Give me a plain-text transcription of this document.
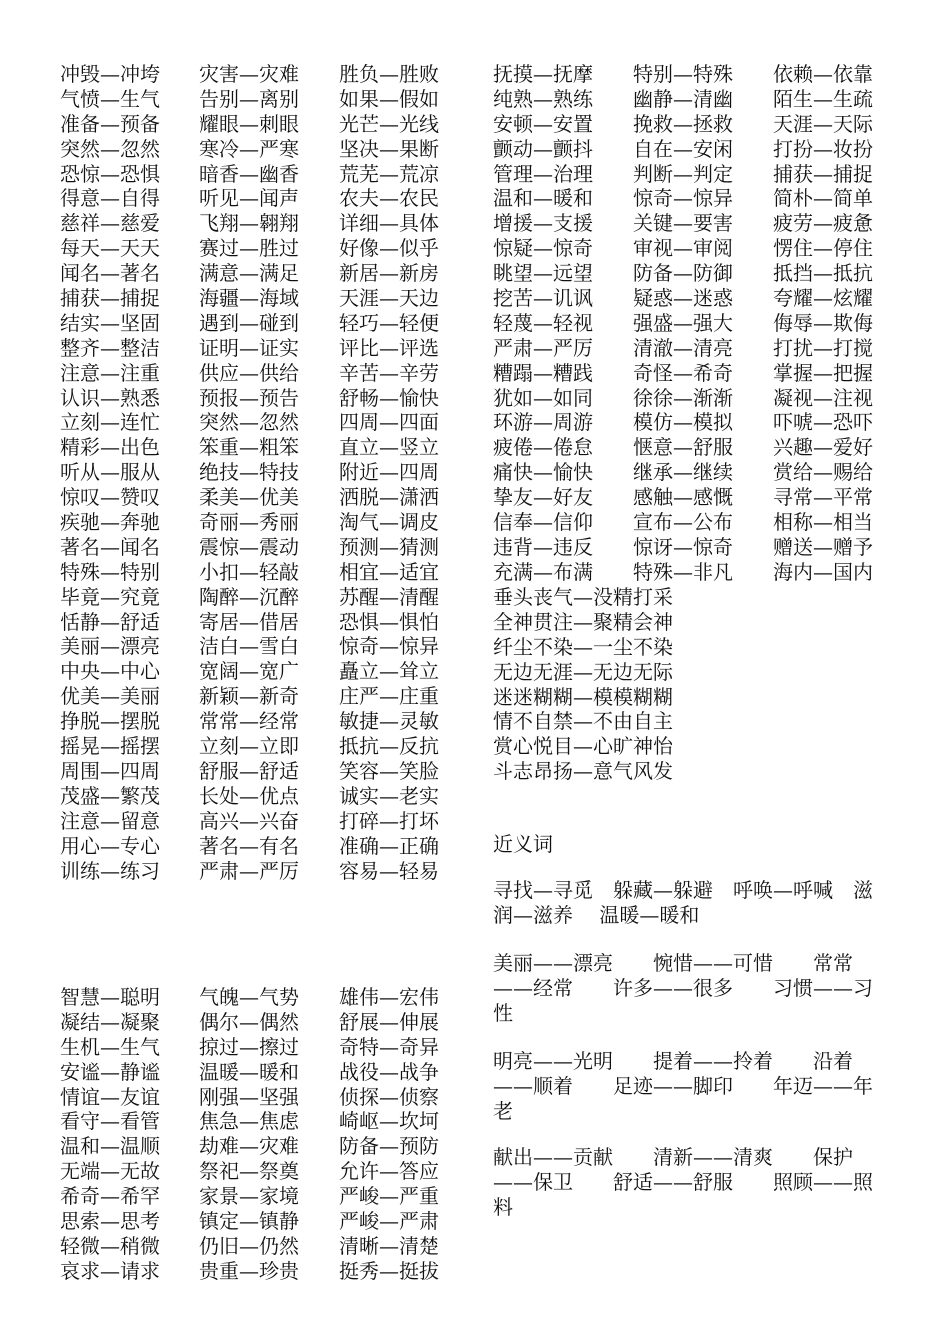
冲毁—冲垮
气愤—生气
准备—预备
突然—忽然
恐惊—恐惧
得意—自得
慈祥—慈爱
每天—天天
闻名—著名
捕获—捕捉
结实—坚固
整齐—整洁
注意—注重
认识—熟悉
立刻—连忙
精彩—出色
听从—服从
惊叹—赞叹
疾驰—奔驰
著名—闻名
特殊—特别
毕竟—究竟
恬静—舒适
美丽—漂亮
中央—中心
优美—美丽
挣脱—摆脱
摇晃—摇摆
周围—四周
茂盛—繁茂
注意—留意
用心—专心
训练—练习
灾害—灾难
告别—离别
耀眼—刺眼
寒冷—严寒
暗香—幽香
听见—闻声
飞翔—翱翔
赛过—胜过
满意—满足
海疆—海域
遇到—碰到
证明—证实
供应—供给
预报—预告
突然—忽然
笨重—粗笨
绝技—特技
柔美—优美
奇丽—秀丽
震惊—震动
小扣—轻敲
陶醉—沉醉
寄居—借居
洁白—雪白
宽阔—宽广
新颖—新奇
常常—经常
立刻—立即
舒服—舒适
长处—优点
高兴—兴奋
著名—有名
严肃—严厉
胜负—胜败
如果—假如
光芒—光线
坚决—果断
荒芜—荒凉
农夫—农民
详细—具体
好像—似乎
新居—新房
天涯—天边
轻巧—轻便
评比—评选
辛苦—辛劳
舒畅—愉快
四周—四面
直立—竖立
附近—四周
洒脱—潇洒
淘气—调皮
预测—猜测
相宜—适宜
苏醒—清醒
恐惧—惧怕
惊奇—惊异
矗立—耸立
庄严—庄重
敏捷—灵敏
抵抗—反抗
笑容—笑脸
诚实—老实
打碎—打坏
准确—正确
容易—轻易
抚摸—抚摩
纯熟—熟练
安顿—安置
颤动—颤抖
管理—治理
温和—暖和
增援—支援
惊疑—惊奇
眺望—远望
挖苦—讥讽
轻蔑—轻视
严肃—严厉
糟蹋—糟践
犹如—如同
环游—周游
疲倦—倦怠
痛快—愉快
挚友—好友
信奉—信仰
违背—违反
充满—布满
特别—特殊
幽静—清幽
挽救—拯救
自在—安闲
判断—判定
惊奇—惊异
关键—要害
审视—审阅
防备—防御
疑惑—迷惑
强盛—强大
清澈—清亮
奇怪—希奇
徐徐—渐渐
模仿—模拟
惬意—舒服
继承—继续
感触—感慨
宣布—公布
惊讶—惊奇
特殊—非凡
依赖—依靠
陌生—生疏
天涯—天际
打扮—妆扮
捕获—捕捉
简朴—简单
疲劳—疲惫
愣住—停住
抵挡—抵抗
夸耀—炫耀
侮辱—欺侮
打扰—打搅
掌握—把握
凝视—注视
吓唬—恐吓
兴趣—爱好
赏给—赐给
寻常—平常
相称—相当
赠送—赠予
海内—国内
垂头丧气—没精打采
全神贯注—聚精会神
纤尘不染—一尘不染
无边无涯—无边无际
迷迷糊糊—模模糊糊
情不自禁—不由自主
赏心悦目—心旷神怡
斗志昂扬—意气风发
智慧—聪明
凝结—凝聚
生机—生气
安谧—静谧
情谊—友谊
看守—看管
温和—温顺
无端—无故
希奇—希罕
思索—思考
轻微—稍微
哀求—请求
气魄—气势
偶尔—偶然
掠过—擦过
温暖—暖和
刚强—坚强
焦急—焦虑
劫难—灾难
祭祀—祭奠
家景—家境
镇定—镇静
仍旧—仍然
贵重—珍贵
雄伟—宏伟
舒展—伸展
奇特—奇异
战役—战争
侦探—侦察
崎岖—坎坷
防备—预防
允许—答应
严峻—严重
严峻—严肃
清晰—清楚
挺秀—挺拔
近义词

寻找—寻觅　躲藏—躲避　呼唤—呼喊　滋润—滋养　 温暖—暖和

美丽——漂亮　　惋惜——可惜　　常常——经常　　许多——很多　　习惯——习性

明亮——光明　　提着——拎着　　沿着——顺着　　足迹——脚印　　年迈——年老

献出——贡献　　清新——清爽　　保护——保卫　　舒适——舒服　　照顾——照料
